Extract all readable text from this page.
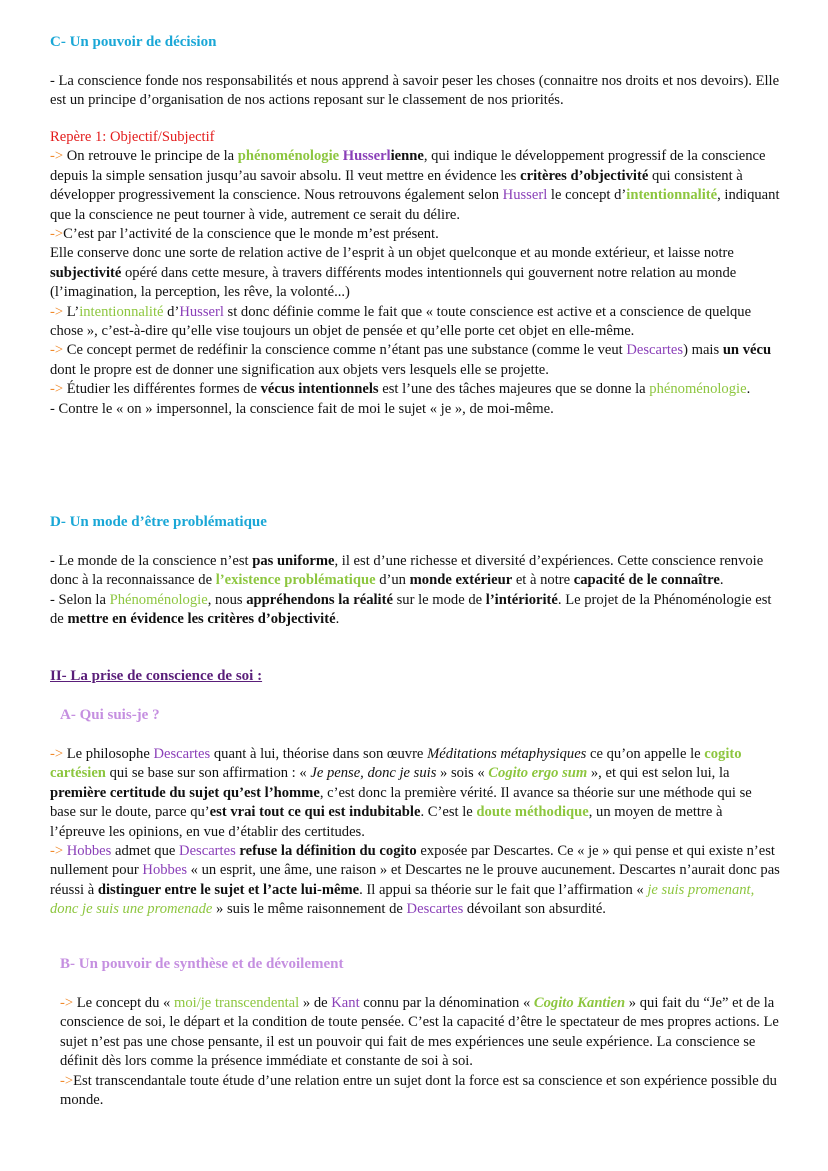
C- Un pouvoir de décision

- La conscience fonde nos responsabilités et nous apprend à savoir peser les choses (connaitre nos droits et nos devoirs). Elle est un principe d’organisation de nos actions reposant sur le classement de nos priorités.

Repère 1: Objectif/Subjectif

-> On retrouve le principe de la phénoménologie Husserlienne, qui indique le développement progressif de la conscience depuis la simple sensation jusqu’au savoir absolu. Il veut mettre en évidence les critères d’objectivité qui consistent à développer progressivement la conscience. Nous retrouvons également selon Husserl le concept d’intentionnalité, indiquant que la conscience ne peut tourner à vide, autrement ce serait du délire.

->C’est par l’activité de la conscience que le monde m’est présent.

Elle conserve donc une sorte de relation active de l’esprit à un objet quelconque et au monde extérieur, et laisse notre subjectivité opéré dans cette mesure, à travers différents modes intentionnels qui gouvernent notre relation au monde (l’imagination, la perception, les rêve, la volonté...)

-> L’intentionnalité d’Husserl st donc définie comme le fait que « toute conscience est active et a conscience de quelque chose », c’est-à-dire qu’elle vise toujours un objet de pensée et qu’elle porte cet objet en elle-même.

-> Ce concept permet de redéfinir la conscience comme n’étant pas une substance (comme le veut Descartes) mais un vécu dont le propre est de donner une signification aux objets vers lesquels elle se projette.

-> Étudier les différentes formes de vécus intentionnels est l’une des tâches majeures que se donne la phénoménologie.

- Contre le « on » impersonnel, la conscience fait de moi le sujet « je », de moi-même.

D- Un mode d’être problématique

- Le monde de la conscience n’est pas uniforme, il est d’une richesse et diversité d’expériences. Cette conscience renvoie donc à la reconnaissance de l’existence problématique d’un monde extérieur et à notre capacité de le connaître.

- Selon la Phénoménologie, nous appréhendons la réalité sur le mode de l’intériorité. Le projet de la Phénoménologie est de mettre en évidence les critères d’objectivité.

II- La prise de conscience de soi :
A- Qui suis-je ?

-> Le philosophe Descartes quant à lui, théorise dans son œuvre Méditations métaphysiques ce qu’on appelle le cogito cartésien qui se base sur son affirmation : « Je pense, donc je suis » sois « Cogito ergo sum », et qui est selon lui, la première certitude du sujet qu’est l’homme, c’est donc la première vérité. Il avance sa théorie sur une méthode qui se base sur le doute, parce qu’est vrai tout ce qui est indubitable. C’est le doute méthodique, un moyen de mettre à l’épreuve les opinions, en vue d’établir des certitudes.

-> Hobbes admet que Descartes refuse la définition du cogito exposée par Descartes. Ce « je » qui pense et qui existe n’est nullement pour Hobbes « un esprit, une âme, une raison » et Descartes ne le prouve aucunement. Descartes n’aurait donc pas réussi à distinguer entre le sujet et l’acte lui-même. Il appui sa théorie sur le fait que l’affirmation « je suis promenant, donc je suis une promenade » suis le même raisonnement de Descartes dévoilant son absurdité.

B- Un pouvoir de synthèse et de dévoilement

-> Le concept du « moi/je transcendental » de Kant connu par la dénomination « Cogito Kantien » qui fait du “Je” et de la conscience de soi, le départ et la condition de toute pensée. C’est la capacité d’être le spectateur de mes propres actions. Le sujet n’est pas une chose pensante, il est un pouvoir qui fait de mes expériences une seule expérience. La conscience se définit dès lors comme la présence immédiate et constante de soi à soi.

->Est transcendantale toute étude d’une relation entre un sujet dont la force est sa conscience et son expérience possible du monde.
